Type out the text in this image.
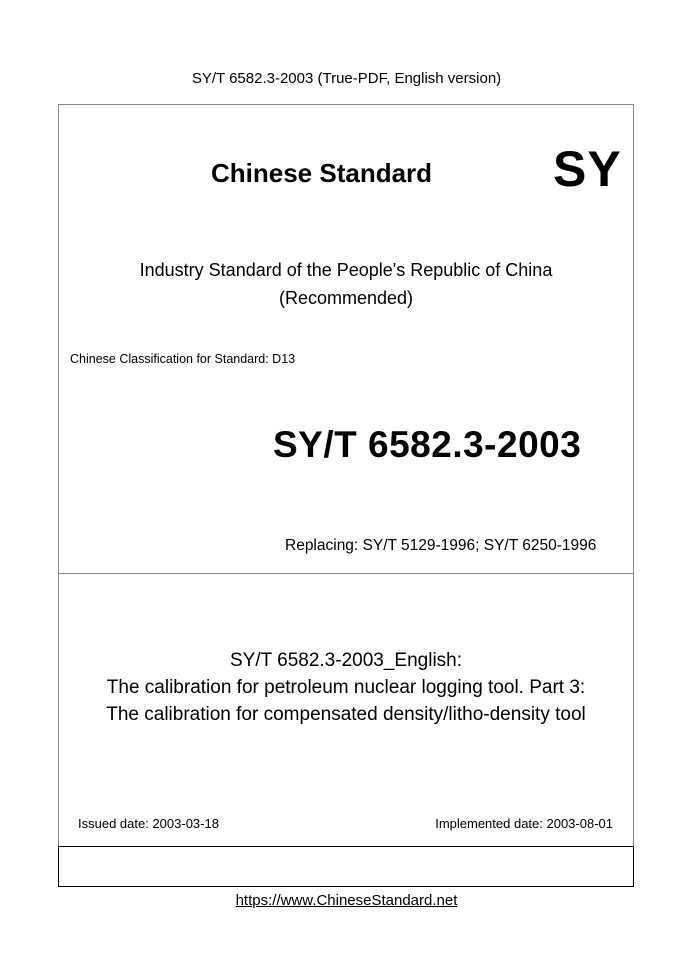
SY/T 6582.3-2003 (True-PDF, English version)
Chinese Standard SY
Industry Standard of the People's Republic of China
(Recommended)
Chinese Classification for Standard: D13
SY/T 6582.3-2003
Replacing: SY/T 5129-1996; SY/T 6250-1996
SY/T 6582.3-2003_English:
The calibration for petroleum nuclear logging tool. Part 3:
The calibration for compensated density/litho-density tool
Issued date: 2003-03-18	Implemented date: 2003-08-01
https://www.ChineseStandard.net
